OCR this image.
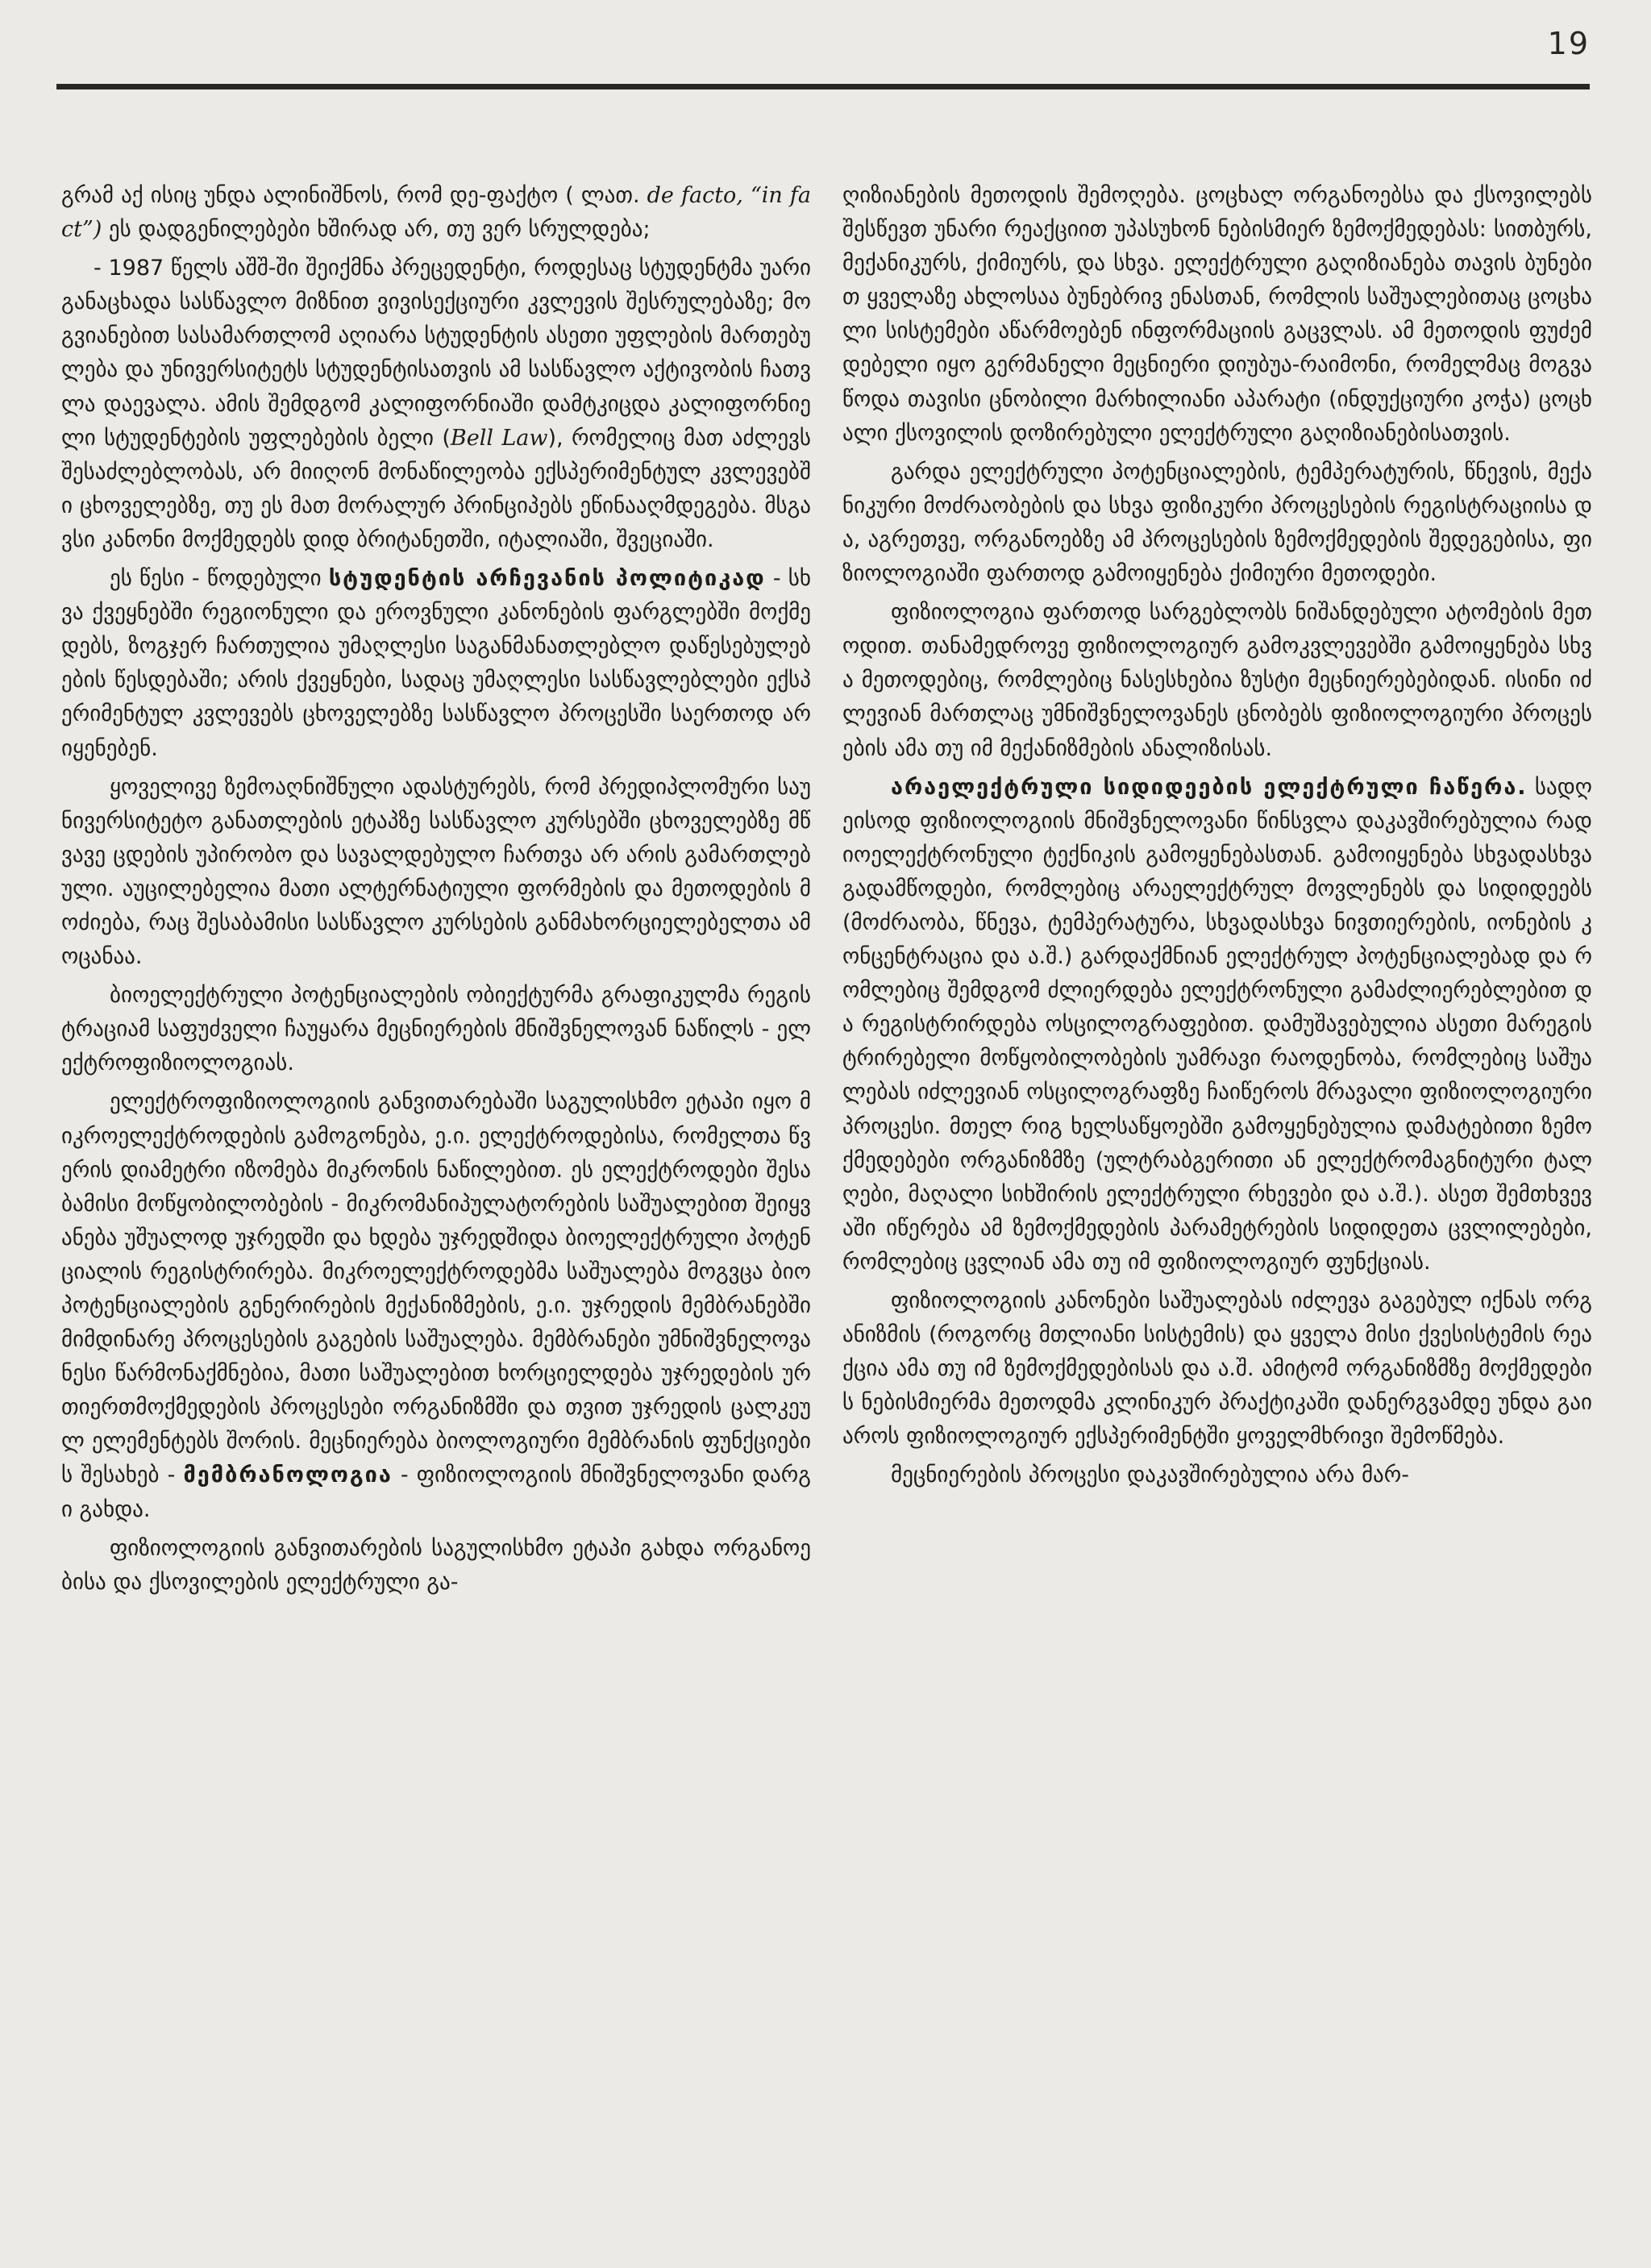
19

გრამ აქ ისიც უნდა ალინიშნოს, რომ დე-ფაქტო ( ლათ. de facto, “in fact”) ეს დადგენილებები ხშირად არ, თუ ვერ სრულდება;

- 1987 წელს აშშ-ში შეიქმნა პრეცედენტი, როდესაც სტუდენტმა უარი განაცხადა სასწავლო მიზნით ვივისექციური კვლევის შესრულებაზე; მოგვიანებით სასამართლომ აღიარა სტუდენტის ასეთი უფლების მართებულება და უნივერსიტეტს სტუდენტისათვის ამ სასწავლო აქტივობის ჩათვლა დაევალა. ამის შემდგომ კალიფორნიაში დამტკიცდა კალიფორნიელი სტუდენტების უფლებების ბელი (Bell Law), რომელიც მათ აძლევს შესაძლებლობას, არ მიიღონ მონაწილეობა ექსპერიმენტულ კვლევებში ცხოველებზე, თუ ეს მათ მორალურ პრინციპებს ეწინააღმდეგება. მსგავსი კანონი მოქმედებს დიდ ბრიტანეთში, იტალიაში, შვეციაში.

ეს წესი - წოდებული სტუდენტის არჩევანის პოლიტიკად - სხვა ქვეყნებში რეგიონული და ეროვნული კანონების ფარგლებში მოქმედებს, ზოგჯერ ჩართულია უმაღლესი საგანმანათლებლო დაწესებულებების წესდებაში; არის ქვეყნები, სადაც უმაღლესი სასწავლებლები ექსპერიმენტულ კვლევებს ცხოველებზე სასწავლო პროცესში საერთოდ არ იყენებენ.

ყოველივე ზემოაღნიშნული ადასტურებს, რომ პრედიპლომური საუნივერსიტეტო განათლების ეტაპზე სასწავლო კურსებში ცხოველებზე მწვავე ცდების უპირობო და სავალდებულო ჩართვა არ არის გამართლებული. აუცილებელია მათი ალტერნატიული ფორმების და მეთოდების მოძიება, რაც შესაბამისი სასწავლო კურსების განმახორციელებელთა ამოცანაა.

ბიოელექტრული პოტენციალების ობიექტურმა გრაფიკულმა რეგისტრაციამ საფუძველი ჩაუყარა მეცნიერების მნიშვნელოვან ნაწილს - ელექტროფიზიოლოგიას.

ელექტროფიზიოლოგიის განვითარებაში საგულისხმო ეტაპი იყო მიკროელექტროდების გამოგონება, ე.ი. ელექტროდებისა, რომელთა წვერის დიამეტრი იზომება მიკრონის ნაწილებით. ეს ელექტროდები შესაბამისი მოწყობილობების - მიკრომანიპულატორების საშუალებით შეიყვანება უშუალოდ უჯრედში და ხდება უჯრედშიდა ბიოელექტრული პოტენციალის რეგისტრირება. მიკროელექტროდებმა საშუალება მოგვცა ბიოპოტენციალების გენერირების მექანიზმების, ე.ი. უჯრედის მემბრანებში მიმდინარე პროცესების გაგების საშუალება. მემბრანები უმნიშვნელოვანესი წარმონაქმნებია, მათი საშუალებით ხორციელდება უჯრედების ურთიერთმოქმედების პროცესები ორგანიზმში და თვით უჯრედის ცალკეულ ელემენტებს შორის. მეცნიერება ბიოლოგიური მემბრანის ფუნქციების შესახებ - მემბრანოლოგია - ფიზიოლოგიის მნიშვნელოვანი დარგი გახდა.

ფიზიოლოგიის განვითარების საგულისხმო ეტაპი გახდა ორგანოებისა და ქსოვილების ელექტრული გა-

ღიზიანების მეთოდის შემოღება. ცოცხალ ორგანოებსა და ქსოვილებს შესწევთ უნარი რეაქციით უპასუხონ ნებისმიერ ზემოქმედებას: სითბურს, მექანიკურს, ქიმიურს, და სხვა. ელექტრული გაღიზიანება თავის ბუნებით ყველაზე ახლოსაა ბუნებრივ ენასთან, რომლის საშუალებითაც ცოცხალი სისტემები აწარმოებენ ინფორმაციის გაცვლას. ამ მეთოდის ფუძემდებელი იყო გერმანელი მეცნიერი დიუბუა-რაიმონი, რომელმაც მოგვაწოდა თავისი ცნობილი მარხილიანი აპარატი (ინდუქციური კოჭა) ცოცხალი ქსოვილის დოზირებული ელექტრული გაღიზიანებისათვის.

გარდა ელექტრული პოტენციალების, ტემპერატურის, წნევის, მექანიკური მოძრაობების და სხვა ფიზიკური პროცესების რეგისტრაციისა და, აგრეთვე, ორგანოებზე ამ პროცესების ზემოქმედების შედეგებისა, ფიზიოლოგიაში ფართოდ გამოიყენება ქიმიური მეთოდები.

ფიზიოლოგია ფართოდ სარგებლობს ნიშანდებული ატომების მეთოდით. თანამედროვე ფიზიოლოგიურ გამოკვლევებში გამოიყენება სხვა მეთოდებიც, რომლებიც ნასესხებია ზუსტი მეცნიერებებიდან. ისინი იძლევიან მართლაც უმნიშვნელოვანეს ცნობებს ფიზიოლოგიური პროცესების ამა თუ იმ მექანიზმების ანალიზისას.

არაელექტრული სიდიდეების ელექტრული ჩაწერა. სადღეისოდ ფიზიოლოგიის მნიშვნელოვანი წინსვლა დაკავშირებულია რადიოელექტრონული ტექნიკის გამოყენებასთან. გამოიყენება სხვადასხვა გადამწოდები, რომლებიც არაელექტრულ მოვლენებს და სიდიდეებს (მოძრაობა, წნევა, ტემპერატურა, სხვადასხვა ნივთიერების, იონების კონცენტრაცია და ა.შ.) გარდაქმნიან ელექტრულ პოტენციალებად და რომლებიც შემდგომ ძლიერდება ელექტრონული გამაძლიერებლებით და რეგისტრირდება ოსცილოგრაფებით. დამუშავებულია ასეთი მარეგისტრირებელი მოწყობილობების უამრავი რაოდენობა, რომლებიც საშუალებას იძლევიან ოსცილოგრაფზე ჩაიწეროს მრავალი ფიზიოლოგიური პროცესი. მთელ რიგ ხელსაწყოებში გამოყენებულია დამატებითი ზემოქმედებები ორგანიზმზე (ულტრაბგერითი ან ელექტრომაგნიტური ტალღები, მაღალი სიხშირის ელექტრული რხევები და ა.შ.). ასეთ შემთხვევაში იწერება ამ ზემოქმედების პარამეტრების სიდიდეთა ცვლილებები, რომლებიც ცვლიან ამა თუ იმ ფიზიოლოგიურ ფუნქციას.

ფიზიოლოგიის კანონები საშუალებას იძლევა გაგებულ იქნას ორგანიზმის (როგორც მთლიანი სისტემის) და ყველა მისი ქვესისტემის რეაქცია ამა თუ იმ ზემოქმედებისას და ა.შ. ამიტომ ორგანიზმზე მოქმედების ნებისმიერმა მეთოდმა კლინიკურ პრაქტიკაში დანერგვამდე უნდა გაიაროს ფიზიოლოგიურ ექსპერიმენტში ყოველმხრივი შემოწმება.

მეცნიერების პროცესი დაკავშირებულია არა მარ-
